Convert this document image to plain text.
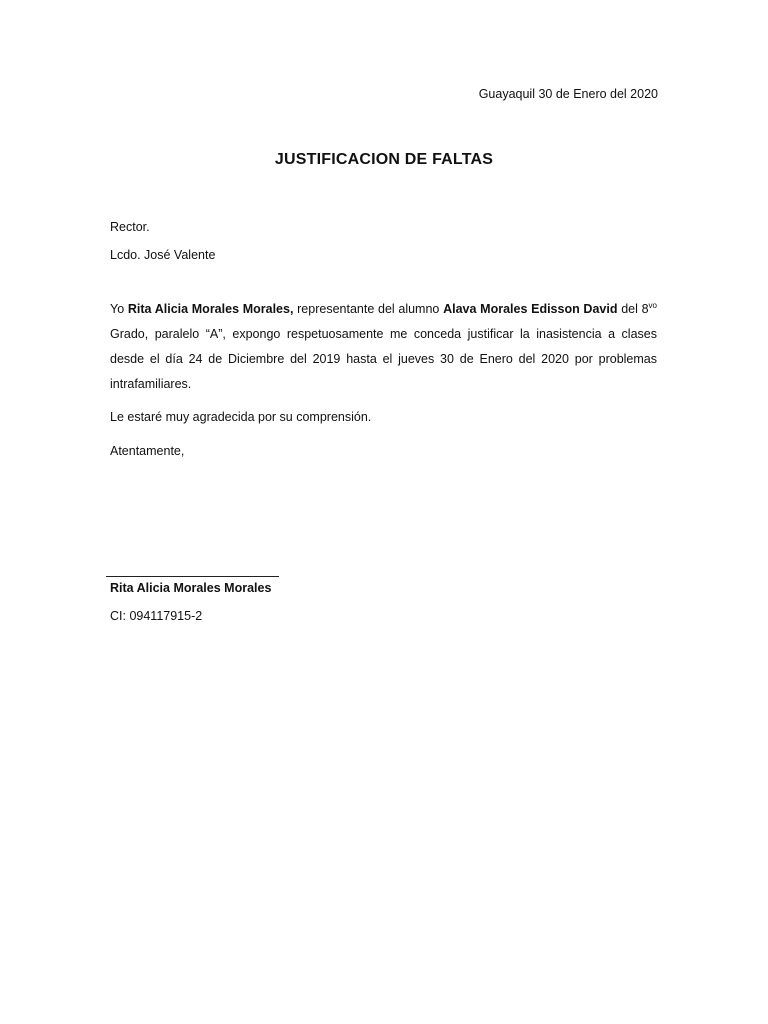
Guayaquil 30 de Enero del 2020
JUSTIFICACION DE FALTAS
Rector.
Lcdo. José Valente

Yo Rita Alicia Morales Morales, representante del alumno Alava Morales Edisson David del $8^{vo}$ Grado, paralelo “A”, expongo respetuosamente me conceda justificar la inasistencia a clases desde el día 24 de Diciembre del 2019 hasta el jueves 30 de Enero del 2020 por problemas intrafamiliares.

Le estaré muy agradecida por su comprensión.
Atentamente,
Rita Alicia Morales Morales
CI: 094117915-2
